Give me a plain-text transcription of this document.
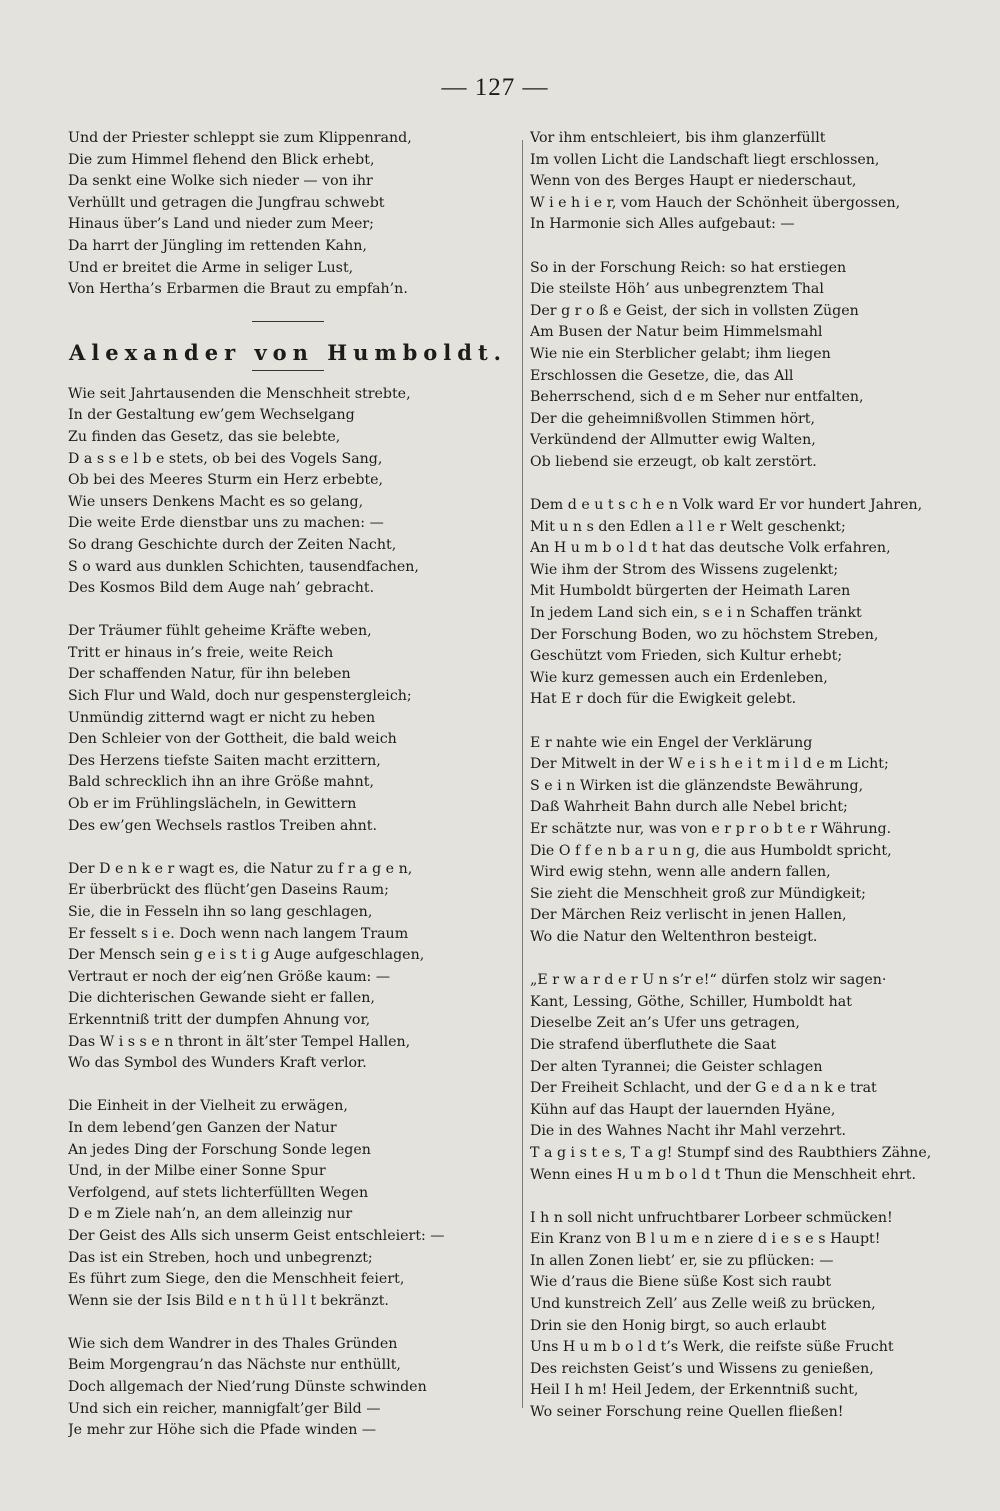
— 127 —
Und der Priester schleppt sie zum Klippenrand,
Die zum Himmel flehend den Blick erhebt,
Da senkt eine Wolke sich nieder — von ihr
Verhüllt und getragen die Jungfrau schwebt
Hinaus über’s Land und nieder zum Meer;
Da harrt der Jüngling im rettenden Kahn,
Und er breitet die Arme in seliger Lust,
Von Hertha’s Erbarmen die Braut zu empfah’n.
Alexander von Humboldt.
Wie seit Jahrtausenden die Menschheit strebte,
In der Gestaltung ew’gem Wechselgang
Zu finden das Gesetz, das sie belebte,
D a s s e l b e stets, ob bei des Vogels Sang,
Ob bei des Meeres Sturm ein Herz erbebte,
Wie unsers Denkens Macht es so gelang,
Die weite Erde dienstbar uns zu machen: —
So drang Geschichte durch der Zeiten Nacht,
S o ward aus dunklen Schichten, tausendfachen,
Des Kosmos Bild dem Auge nah’ gebracht.
Der Träumer fühlt geheime Kräfte weben,
Tritt er hinaus in’s freie, weite Reich
Der schaffenden Natur, für ihn beleben
Sich Flur und Wald, doch nur gespenstergleich;
Unmündig zitternd wagt er nicht zu heben
Den Schleier von der Gottheit, die bald weich
Des Herzens tiefste Saiten macht erzittern,
Bald schrecklich ihn an ihre Größe mahnt,
Ob er im Frühlingslächeln, in Gewittern
Des ew’gen Wechsels rastlos Treiben ahnt.
Der D e n k e r wagt es, die Natur zu f r a g e n,
Er überbrückt des flücht’gen Daseins Raum;
Sie, die in Fesseln ihn so lang geschlagen,
Er fesselt s i e. Doch wenn nach langem Traum
Der Mensch sein g e i s t i g Auge aufgeschlagen,
Vertraut er noch der eig’nen Größe kaum: —
Die dichterischen Gewande sieht er fallen,
Erkenntniß tritt der dumpfen Ahnung vor,
Das W i s s e n thront in ält’ster Tempel Hallen,
Wo das Symbol des Wunders Kraft verlor.
Die Einheit in der Vielheit zu erwägen,
In dem lebend’gen Ganzen der Natur
An jedes Ding der Forschung Sonde legen
Und, in der Milbe einer Sonne Spur
Verfolgend, auf stets lichterfüllten Wegen
D e m Ziele nah’n, an dem alleinzig nur
Der Geist des Alls sich unserm Geist entschleiert: —
Das ist ein Streben, hoch und unbegrenzt;
Es führt zum Siege, den die Menschheit feiert,
Wenn sie der Isis Bild e n t h ü l l t bekränzt.
Wie sich dem Wandrer in des Thales Gründen
Beim Morgengrau’n das Nächste nur enthüllt,
Doch allgemach der Nied’rung Dünste schwinden
Und sich ein reicher, mannigfalt’ger Bild —
Je mehr zur Höhe sich die Pfade winden —
Vor ihm entschleiert, bis ihm glanzerfüllt
Im vollen Licht die Landschaft liegt erschlossen,
Wenn von des Berges Haupt er niederschaut,
W i e h i e r, vom Hauch der Schönheit übergossen,
In Harmonie sich Alles aufgebaut: —
So in der Forschung Reich: so hat erstiegen
Die steilste Höh’ aus unbegrenztem Thal
Der g r o ß e Geist, der sich in vollsten Zügen
Am Busen der Natur beim Himmelsmahl
Wie nie ein Sterblicher gelabt; ihm liegen
Erschlossen die Gesetze, die, das All
Beherrschend, sich d e m Seher nur entfalten,
Der die geheimnißvollen Stimmen hört,
Verkündend der Allmutter ewig Walten,
Ob liebend sie erzeugt, ob kalt zerstört.
Dem d e u t s c h e n Volk ward Er vor hundert Jahren,
Mit u n s den Edlen a l l e r Welt geschenkt;
An H u m b o l d t hat das deutsche Volk erfahren,
Wie ihm der Strom des Wissens zugelenkt;
Mit Humboldt bürgerten der Heimath Laren
In jedem Land sich ein, s e i n Schaffen tränkt
Der Forschung Boden, wo zu höchstem Streben,
Geschützt vom Frieden, sich Kultur erhebt;
Wie kurz gemessen auch ein Erdenleben,
Hat E r doch für die Ewigkeit gelebt.
E r nahte wie ein Engel der Verklärung
Der Mitwelt in der W e i s h e i t m i l d e m Licht;
S e i n Wirken ist die glänzendste Bewährung,
Daß Wahrheit Bahn durch alle Nebel bricht;
Er schätzte nur, was von e r p r o b t e r Währung.
Die O f f e n b a r u n g, die aus Humboldt spricht,
Wird ewig stehn, wenn alle andern fallen,
Sie zieht die Menschheit groß zur Mündigkeit;
Der Märchen Reiz verlischt in jenen Hallen,
Wo die Natur den Weltenthron besteigt.
„E r w a r d e r U n s’r e!“ dürfen stolz wir sagen·
Kant, Lessing, Göthe, Schiller, Humboldt hat
Dieselbe Zeit an’s Ufer uns getragen,
Die strafend überfluthete die Saat
Der alten Tyrannei; die Geister schlagen
Der Freiheit Schlacht, und der G e d a n k e trat
Kühn auf das Haupt der lauernden Hyäne,
Die in des Wahnes Nacht ihr Mahl verzehrt.
T a g i s t e s, T a g! Stumpf sind des Raubthiers Zähne,
Wenn eines H u m b o l d t Thun die Menschheit ehrt.
I h n soll nicht unfruchtbarer Lorbeer schmücken!
Ein Kranz von B l u m e n ziere d i e s e s Haupt!
In allen Zonen liebt’ er, sie zu pflücken: —
Wie d’raus die Biene süße Kost sich raubt
Und kunstreich Zell’ aus Zelle weiß zu brücken,
Drin sie den Honig birgt, so auch erlaubt
Uns H u m b o l d t’s Werk, die reifste süße Frucht
Des reichsten Geist’s und Wissens zu genießen,
Heil I h m! Heil Jedem, der Erkenntniß sucht,
Wo seiner Forschung reine Quellen fließen!
